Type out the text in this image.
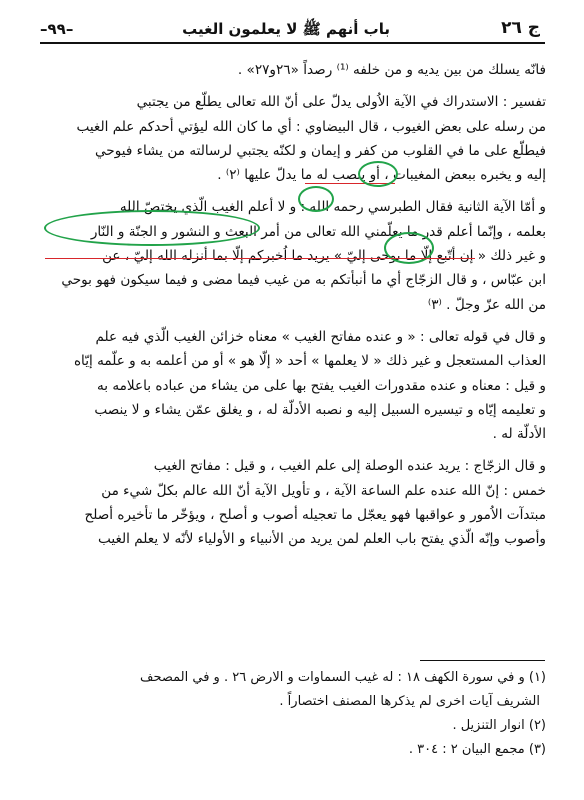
ج ٢٦
باب أنهم ﷺ لا يعلمون الغيب
–٩٩–

فانّه يسلك من بين يديه و من خلفه ⁽¹⁾ رصداً «٢٦و٢٧» .

تفسير : الاستدراك في الآية الاُولى يدلّ على أنّ الله تعالى يطلّع من يجتبي

من رسله على بعض الغيوب ، قال البيضاوي : أي ما كان الله ليؤتي أحدكم علم الغيب

فيطلّع على ما في القلوب من كفر و إيمان و لكنّه يجتبي لرسالته من يشاء فيوحي

إليه و يخبره ببعض المغيبات ، أو ينصب له ما يدلّ عليها ⁽٢⁾ .

و أمّا الآية الثانية فقال الطبرسي رحمه الله : و لا أعلم الغيب الّذي يختصّ الله

بعلمه ، وإنّما أعلم قدر ما يعلّمني الله تعالى من أمر البعث و النشور و الجنّة و النّار

و غير ذلك « إن أتّبع إلّا ما يوحى إليّ » يريد ما اُخبركم إلّا بما أنزله الله إليّ ، عن

ابن عبّاس ، و قال الزجّاج أي ما أنبأتكم به من غيب فيما مضى و فيما سيكون فهو بوحي

من الله عزّ وجلّ . ⁽٣⁾

و قال في قوله تعالى : « و عنده مفاتح الغيب » معناه خزائن الغيب الّذي فيه علم

العذاب المستعجل و غير ذلك « لا يعلمها » أحد « إلّا هو » أو من أعلمه به و علّمه إيّاه

و قيل : معناه و عنده مقدورات الغيب يفتح بها على من يشاء من عباده باعلامه به

و تعليمه إيّاه و تيسيره السبيل إليه و نصبه الأدلّة له ، و يغلق عمّن يشاء و لا ينصب

الأدلّة له .

و قال الزجّاج : يريد عنده الوصلة إلى علم الغيب ، و قيل : مفاتح الغيب

خمس : إنّ الله عنده علم الساعة الآية ، و تأويل الآية أنّ الله عالم بكلّ شيء من

مبتدآت الاُمور و عواقبها فهو يعجّل ما تعجيله أصوب و أصلح ، ويؤخّر ما تأخيره أصلح

وأصوب وإنّه الّذي يفتح باب العلم لمن يريد من الأنبياء و الأولياء لأنّه لا يعلم الغيب

(١) و في سورة الكهف ١٨ : له غيب السماوات و الارض ٢٦ . و في المصحف

الشريف آيات اخرى لم يذكرها المصنف اختصاراً .

(٢) انوار التنزيل .

(٣) مجمع البيان ٢ : ٣٠٤ .
